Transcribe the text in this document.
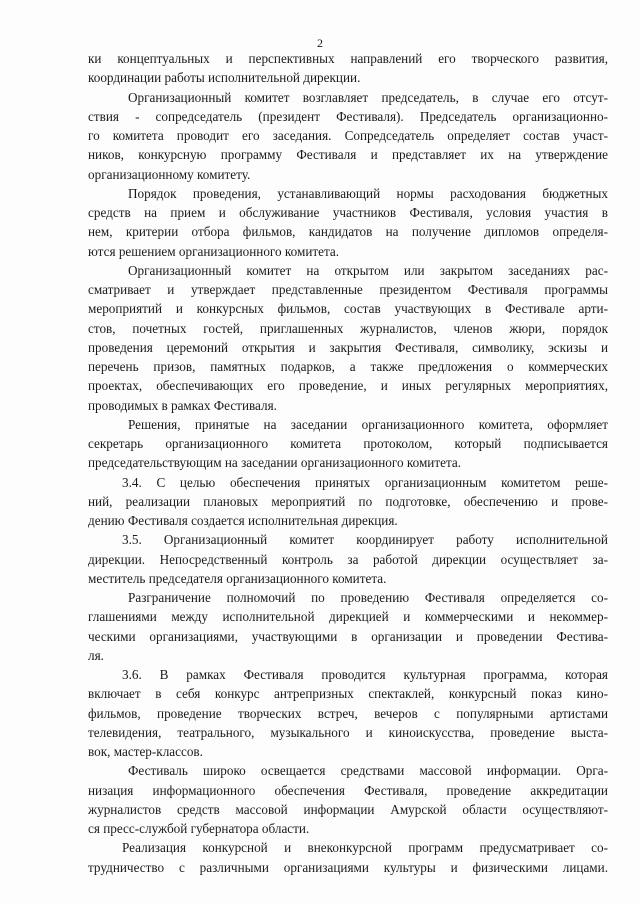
2
ки концептуальных и перспективных направлений его творческого развития,
координации работы исполнительной дирекции.
Организационный комитет возглавляет председатель, в случае его отсут-
ствия - сопредседатель (президент Фестиваля). Председатель организационно-
го комитета проводит его заседания. Сопредседатель определяет состав участ-
ников, конкурсную программу Фестиваля и представляет их на утверждение
организационному комитету.
Порядок проведения, устанавливающий нормы расходования бюджетных
средств на прием и обслуживание участников Фестиваля, условия участия в
нем, критерии отбора фильмов, кандидатов на получение дипломов определя-
ются решением организационного комитета.
Организационный комитет на открытом или закрытом заседаниях рас-
сматривает и утверждает представленные президентом Фестиваля программы
мероприятий и конкурсных фильмов, состав участвующих в Фестивале арти-
стов, почетных гостей, приглашенных журналистов, членов жюри, порядок
проведения церемоний открытия и закрытия Фестиваля, символику, эскизы и
перечень призов, памятных подарков, а также предложения о коммерческих
проектах, обеспечивающих его проведение, и иных регулярных мероприятиях,
проводимых в рамках Фестиваля.
Решения, принятые на заседании организационного комитета, оформляет
секретарь организационного комитета протоколом, который подписывается
председательствующим на заседании организационного комитета.
3.4. С целью обеспечения принятых организационным комитетом реше-
ний, реализации плановых мероприятий по подготовке, обеспечению и прове-
дению Фестиваля создается исполнительная дирекция.
3.5. Организационный комитет координирует работу исполнительной
дирекции. Непосредственный контроль за работой дирекции осуществляет за-
меститель председателя организационного комитета.
Разграничение полномочий по проведению Фестиваля определяется со-
глашениями между исполнительной дирекцией и коммерческими и некоммер-
ческими организациями, участвующими в организации и проведении Фестива-
ля.
3.6. В рамках Фестиваля проводится культурная программа, которая
включает в себя конкурс антрепризных спектаклей, конкурсный показ кино-
фильмов, проведение творческих встреч, вечеров с популярными артистами
телевидения, театрального, музыкального и киноискусства, проведение выста-
вок, мастер-классов.
Фестиваль широко освещается средствами массовой информации. Орга-
низация информационного обеспечения Фестиваля, проведение аккредитации
журналистов средств массовой информации Амурской области осуществляют-
ся пресс-службой губернатора области.
Реализация конкурсной и внеконкурсной программ предусматривает со-
трудничество с различными организациями культуры и физическими лицами.
